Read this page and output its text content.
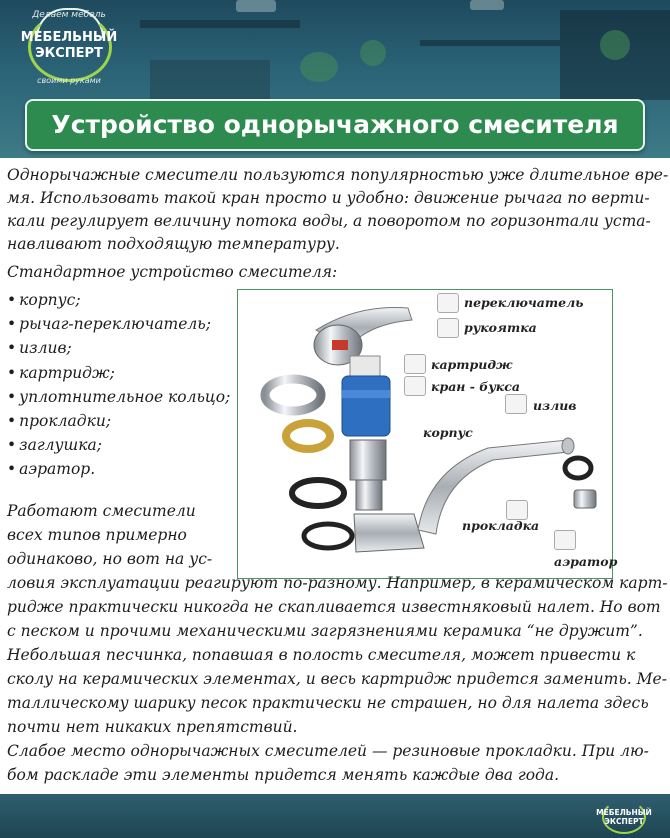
Делаем мебель
МЕБЕЛЬНЫЙ
ЭКСПЕРТ
своими руками
Устройство однорычажного смесителя
Однорычажные смесители пользуются популярностью уже длительное вре-
мя. Использовать такой кран просто и удобно: движение рычага по верти-
кали регулирует величину потока воды, а поворотом по горизонтали уста-
навливают подходящую температуру.
Стандартное устройство смесителя:
• корпус;
• рычаг-переключатель;
• излив;
• картридж;
• уплотнительное кольцо;
• прокладки;
• заглушка;
• аэратор.
переключатель
рукоятка
картридж
кран - букса
излив
корпус
прокладка
аэратор
Работают смесители
всех типов примерно
одинаково, но вот на ус-
ловия эксплуатации реагируют по-разному. Например, в керамическом карт-
ридже практически никогда не скапливается известняковый налет. Но вот
с песком и прочими механическими загрязнениями керамика “не дружит”.
Небольшая песчинка, попавшая в полость смесителя, может привести к
сколу на керамических элементах, и весь картридж придется заменить. Ме-
таллическому шарику песок практически не страшен, но для налета здесь
почти нет никаких препятствий.
Слабое место однорычажных смесителей — резиновые прокладки. При лю-
бом раскладе эти элементы придется менять каждые два года.
МЕБЕЛЬНЫЙ
ЭКСПЕРТ
